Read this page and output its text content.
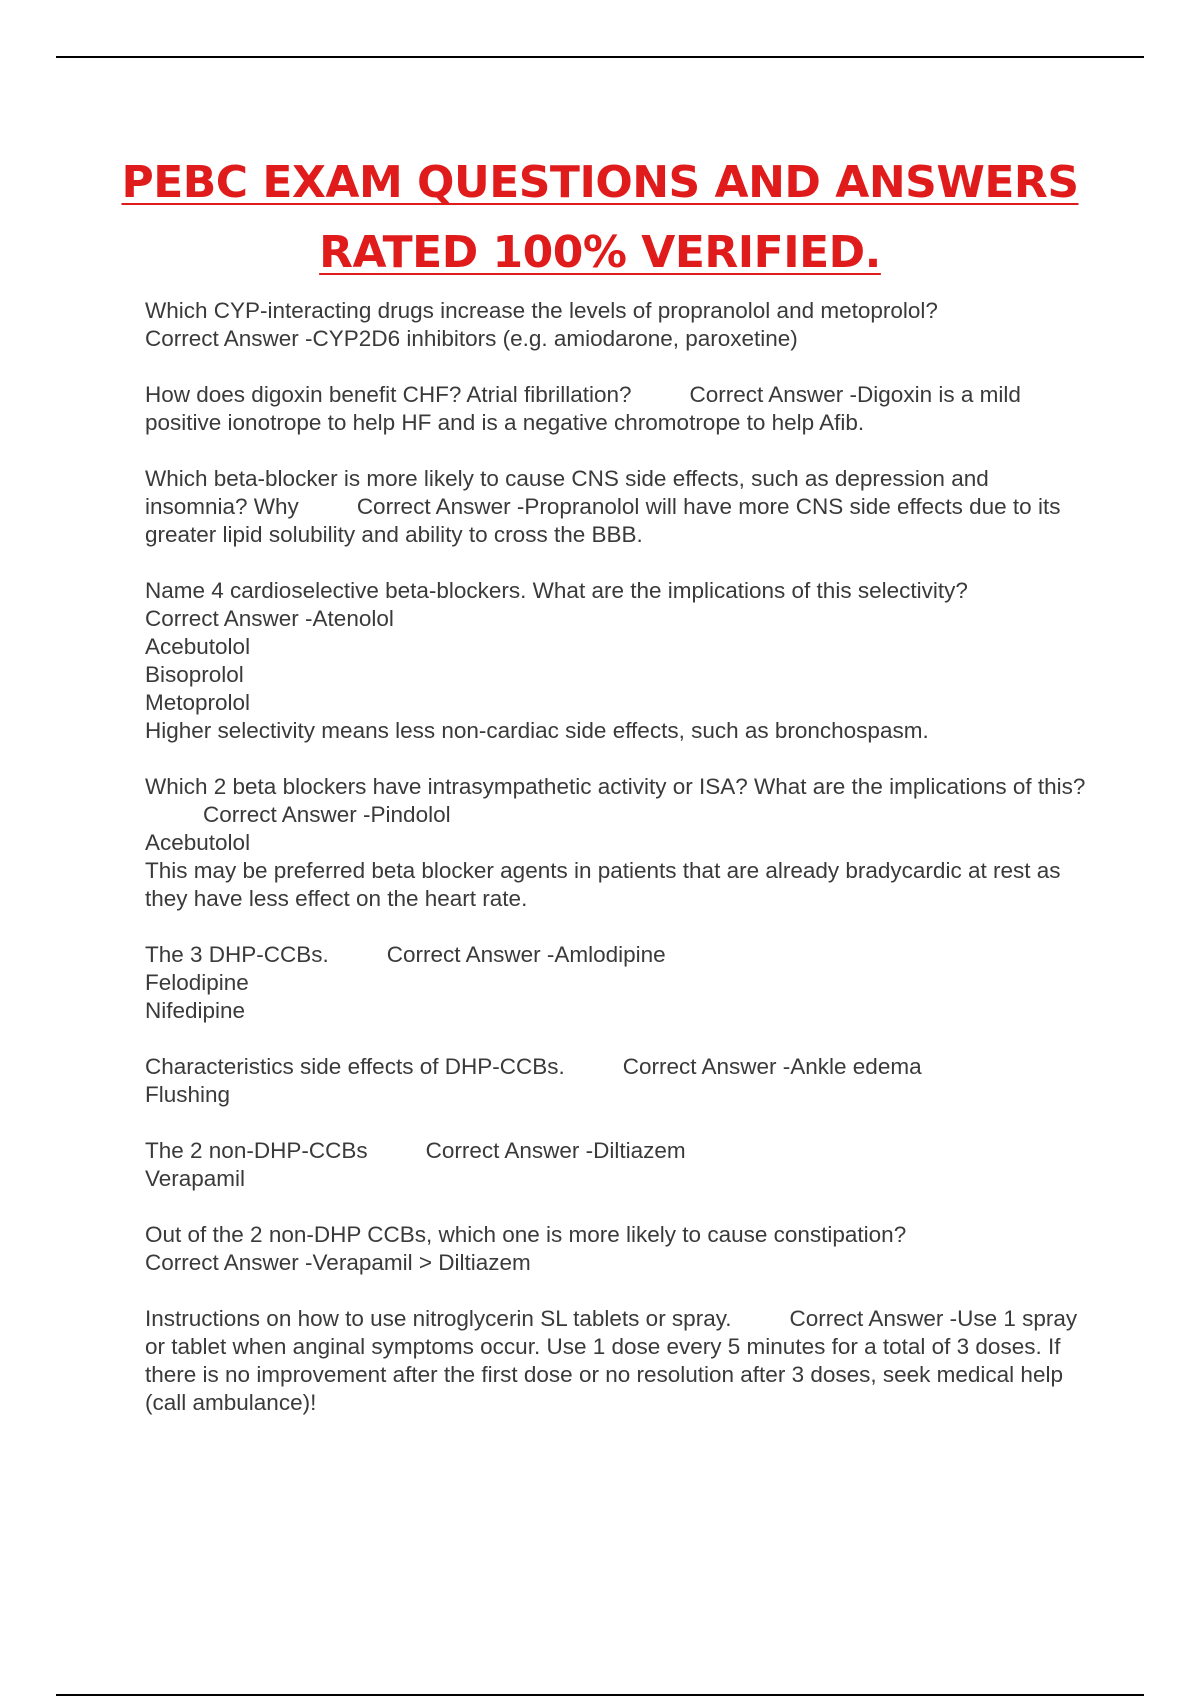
PEBC EXAM QUESTIONS AND ANSWERS
RATED 100% VERIFIED.
Which CYP-interacting drugs increase the levels of propranolol and metoprolol?
Correct Answer -CYP2D6 inhibitors (e.g. amiodarone, paroxetine)
How does digoxin benefit CHF? Atrial fibrillation?	Correct Answer -Digoxin is a mild positive ionotrope to help HF and is a negative chromotrope to help Afib.
Which beta-blocker is more likely to cause CNS side effects, such as depression and insomnia? Why	Correct Answer -Propranolol will have more CNS side effects due to its greater lipid solubility and ability to cross the BBB.
Name 4 cardioselective beta-blockers. What are the implications of this selectivity?
Correct Answer -Atenolol
Acebutolol
Bisoprolol
Metoprolol
Higher selectivity means less non-cardiac side effects, such as bronchospasm.
Which 2 beta blockers have intrasympathetic activity or ISA? What are the implications of this?Correct Answer -Pindolol
Acebutolol
This may be preferred beta blocker agents in patients that are already bradycardic at rest as they have less effect on the heart rate.
The 3 DHP-CCBs.	Correct Answer -Amlodipine
Felodipine
Nifedipine
Characteristics side effects of DHP-CCBs.	Correct Answer -Ankle edema
Flushing
The 2 non-DHP-CCBs	Correct Answer -Diltiazem
Verapamil
Out of the 2 non-DHP CCBs, which one is more likely to cause constipation?
Correct Answer -Verapamil > Diltiazem
Instructions on how to use nitroglycerin SL tablets or spray.	Correct Answer -Use 1 spray or tablet when anginal symptoms occur. Use 1 dose every 5 minutes for a total of 3 doses. If there is no improvement after the first dose or no resolution after 3 doses, seek medical help (call ambulance)!
